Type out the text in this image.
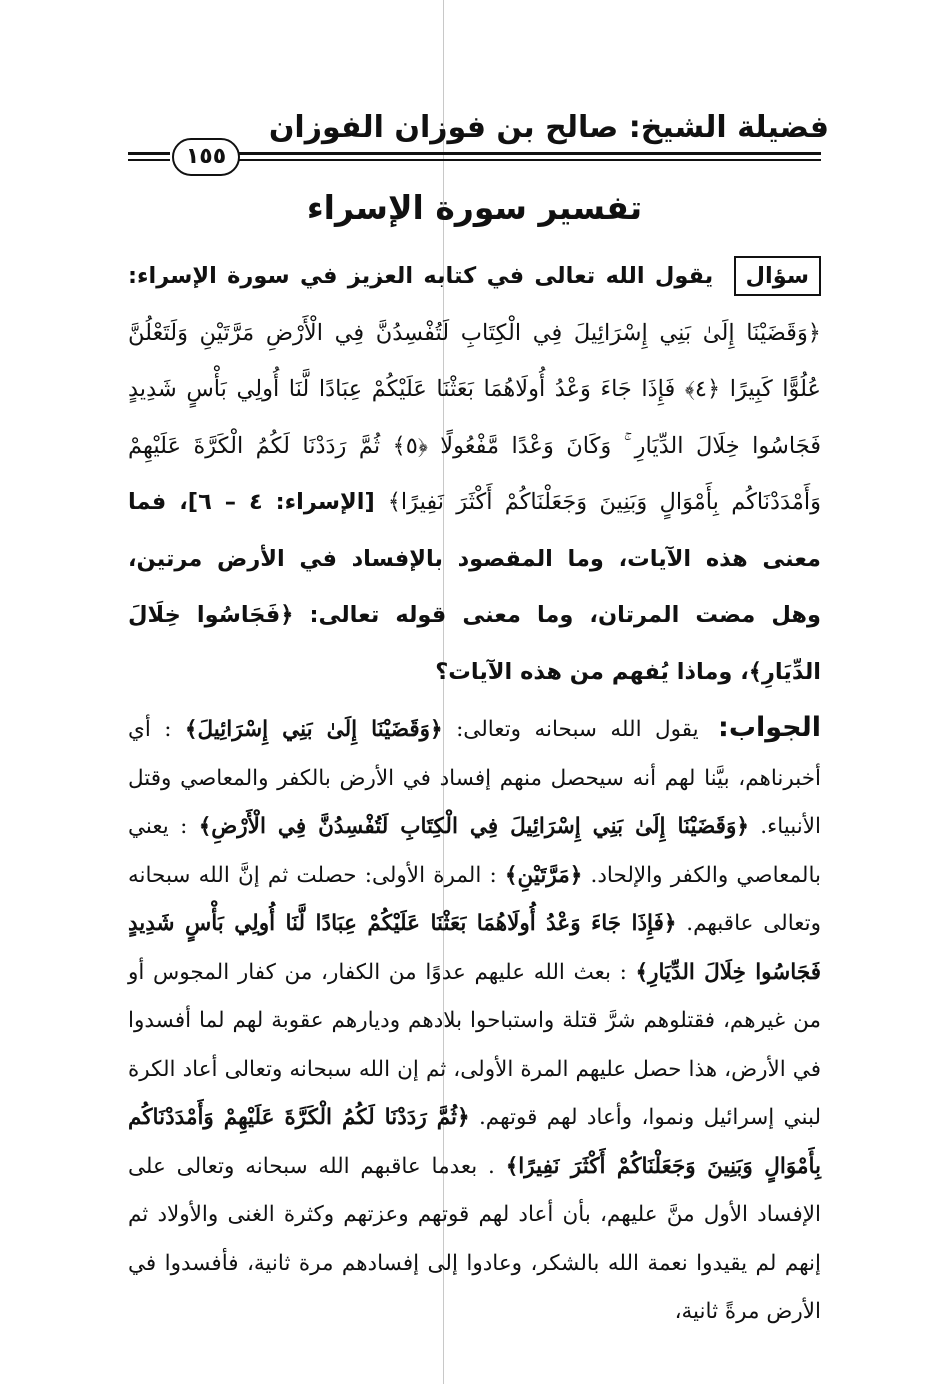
فضيلة الشيخ: صالح بن فوزان الفوزان
١٥٥
تفسير سورة الإسراء
سؤال يقول الله تعالى في كتابه العزيز في سورة الإسراء: ﴿وَقَضَيْنَا إِلَىٰ بَنِي إِسْرَائِيلَ فِي الْكِتَابِ لَتُفْسِدُنَّ فِي الْأَرْضِ مَرَّتَيْنِ وَلَتَعْلُنَّ عُلُوًّا كَبِيرًا ﴿٤﴾ فَإِذَا جَاءَ وَعْدُ أُولَاهُمَا بَعَثْنَا عَلَيْكُمْ عِبَادًا لَّنَا أُولِي بَأْسٍ شَدِيدٍ فَجَاسُوا خِلَالَ الدِّيَارِ ۚ وَكَانَ وَعْدًا مَّفْعُولًا ﴿٥﴾ ثُمَّ رَدَدْنَا لَكُمُ الْكَرَّةَ عَلَيْهِمْ وَأَمْدَدْنَاكُم بِأَمْوَالٍ وَبَنِينَ وَجَعَلْنَاكُمْ أَكْثَرَ نَفِيرًا﴾ [الإسراء: ٤ – ٦]، فما معنى هذه الآيات، وما المقصود بالإفساد في الأرض مرتين، وهل مضت المرتان، وما معنى قوله تعالى: ﴿فَجَاسُوا خِلَالَ الدِّيَارِ﴾، وماذا يُفهم من هذه الآيات؟
الجواب: يقول الله سبحانه وتعالى: ﴿وَقَضَيْنَا إِلَىٰ بَنِي إِسْرَائِيلَ﴾ : أي أخبرناهم، بيَّنا لهم أنه سيحصل منهم إفساد في الأرض بالكفر والمعاصي وقتل الأنبياء. ﴿وَقَضَيْنَا إِلَىٰ بَنِي إِسْرَائِيلَ فِي الْكِتَابِ لَتُفْسِدُنَّ فِي الْأَرْضِ﴾ : يعني بالمعاصي والكفر والإلحاد. ﴿مَرَّتَيْنِ﴾ : المرة الأولى: حصلت ثم إنَّ الله سبحانه وتعالى عاقبهم. ﴿فَإِذَا جَاءَ وَعْدُ أُولَاهُمَا بَعَثْنَا عَلَيْكُمْ عِبَادًا لَّنَا أُولِي بَأْسٍ شَدِيدٍ فَجَاسُوا خِلَالَ الدِّيَارِ﴾ : بعث الله عليهم عدوًا من الكفار، من كفار المجوس أو من غيرهم، فقتلوهم شرَّ قتلة واستباحوا بلادهم وديارهم عقوبة لهم لما أفسدوا في الأرض، هذا حصل عليهم المرة الأولى، ثم إن الله سبحانه وتعالى أعاد الكرة لبني إسرائيل ونموا، وأعاد لهم قوتهم. ﴿ثُمَّ رَدَدْنَا لَكُمُ الْكَرَّةَ عَلَيْهِمْ وَأَمْدَدْنَاكُم بِأَمْوَالٍ وَبَنِينَ وَجَعَلْنَاكُمْ أَكْثَرَ نَفِيرًا﴾ . بعدما عاقبهم الله سبحانه وتعالى على الإفساد الأول منَّ عليهم، بأن أعاد لهم قوتهم وعزتهم وكثرة الغنى والأولاد ثم إنهم لم يقيدوا نعمة الله بالشكر، وعادوا إلى إفسادهم مرة ثانية، فأفسدوا في الأرض مرةً ثانية،
